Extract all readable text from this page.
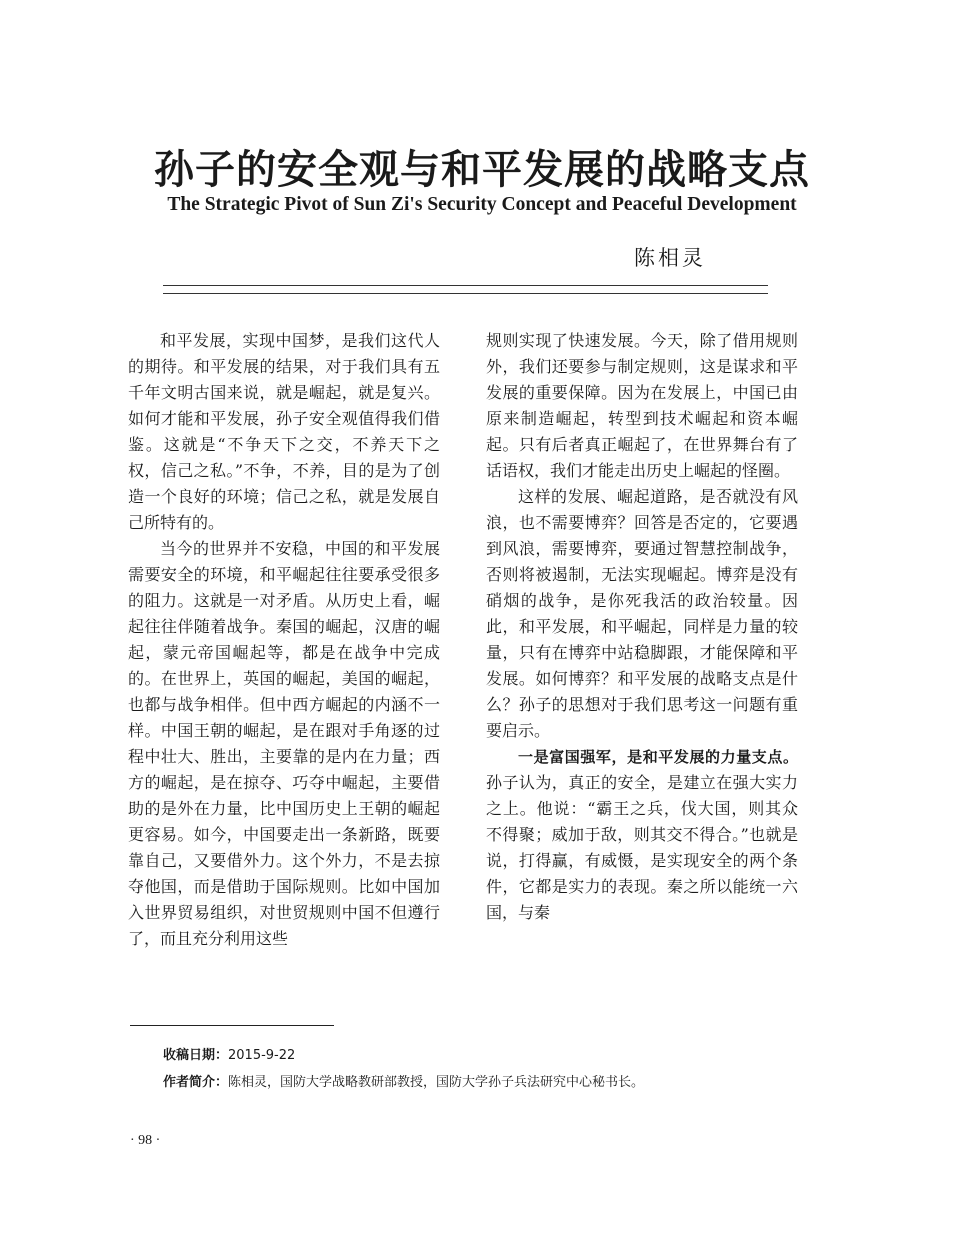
孙子的安全观与和平发展的战略支点
The Strategic Pivot of Sun Zi's Security Concept and Peaceful Development
陈相灵

和平发展，实现中国梦，是我们这代人的期待。和平发展的结果，对于我们具有五千年文明古国来说，就是崛起，就是复兴。如何才能和平发展，孙子安全观值得我们借鉴。这就是“不争天下之交，不养天下之权，信己之私。”不争，不养，目的是为了创造一个良好的环境；信己之私，就是发展自己所特有的。

当今的世界并不安稳，中国的和平发展需要安全的环境，和平崛起往往要承受很多的阻力。这就是一对矛盾。从历史上看，崛起往往伴随着战争。秦国的崛起，汉唐的崛起，蒙元帝国崛起等，都是在战争中完成的。在世界上，英国的崛起，美国的崛起，也都与战争相伴。但中西方崛起的内涵不一样。中国王朝的崛起，是在跟对手角逐的过程中壮大、胜出，主要靠的是内在力量；西方的崛起，是在掠夺、巧夺中崛起，主要借助的是外在力量，比中国历史上王朝的崛起更容易。如今，中国要走出一条新路，既要靠自己，又要借外力。这个外力，不是去掠夺他国，而是借助于国际规则。比如中国加入世界贸易组织，对世贸规则中国不但遵行了，而且充分利用这些

规则实现了快速发展。今天，除了借用规则外，我们还要参与制定规则，这是谋求和平发展的重要保障。因为在发展上，中国已由原来制造崛起，转型到技术崛起和资本崛起。只有后者真正崛起了，在世界舞台有了话语权，我们才能走出历史上崛起的怪圈。

这样的发展、崛起道路，是否就没有风浪，也不需要博弈？回答是否定的，它要遇到风浪，需要博弈，要通过智慧控制战争，否则将被遏制，无法实现崛起。博弈是没有硝烟的战争，是你死我活的政治较量。因此，和平发展，和平崛起，同样是力量的较量，只有在博弈中站稳脚跟，才能保障和平发展。如何博弈？和平发展的战略支点是什么？孙子的思想对于我们思考这一问题有重要启示。

一是富国强军，是和平发展的力量支点。孙子认为，真正的安全，是建立在强大实力之上。他说：“霸王之兵，伐大国，则其众不得聚；威加于敌，则其交不得合。”也就是说，打得赢，有威慑，是实现安全的两个条件，它都是实力的表现。秦之所以能统一六国，与秦

收稿日期：2015-9-22
作者简介：陈相灵，国防大学战略教研部教授，国防大学孙子兵法研究中心秘书长。
· 98 ·
